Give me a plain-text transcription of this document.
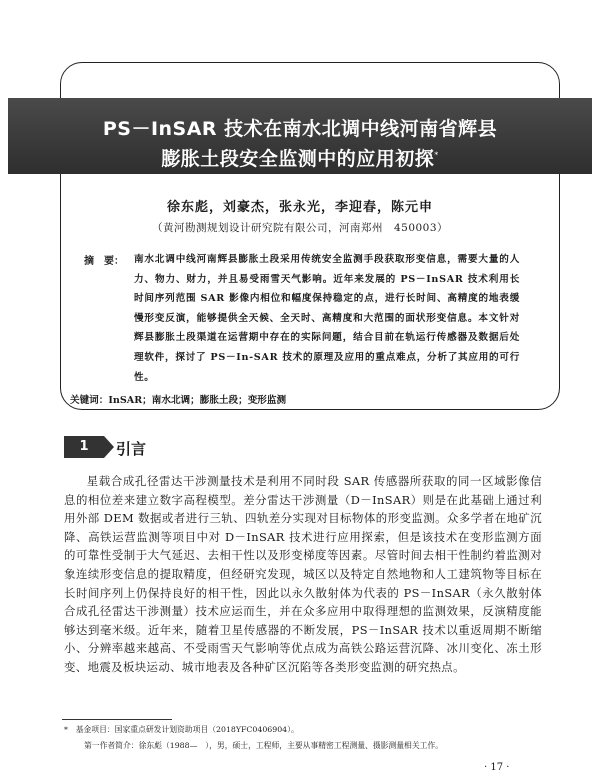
PS－InSAR 技术在南水北调中线河南省辉县
膨胀土段安全监测中的应用初探*
徐东彪，刘豪杰，张永光，李迎春，陈元申
（黄河勘测规划设计研究院有限公司，河南郑州　450003）
摘　要： 南水北调中线河南辉县膨胀土段采用传统安全监测手段获取形变信息，需要大量的人力、物力、财力，并且易受雨雪天气影响。近年来发展的 PS－InSAR 技术利用长时间序列范围 SAR 影像内相位和幅度保持稳定的点，进行长时间、高精度的地表缓慢形变反演，能够提供全天候、全天时、高精度和大范围的面状形变信息。本文针对辉县膨胀土段渠道在运营期中存在的实际问题，结合目前在轨运行传感器及数据后处理软件，探讨了 PS－In-SAR 技术的原理及应用的重点难点，分析了其应用的可行性。
关键词：InSAR；南水北调；膨胀土段；变形监测
1	引言
星载合成孔径雷达干涉测量技术是利用不同时段 SAR 传感器所获取的同一区域影像信息的相位差来建立数字高程模型。差分雷达干涉测量（D－InSAR）则是在此基础上通过利用外部 DEM 数据或者进行三轨、四轨差分实现对目标物体的形变监测。众多学者在地矿沉降、高铁运营监测等项目中对 D－InSAR 技术进行应用探索，但是该技术在变形监测方面的可靠性受制于大气延迟、去相干性以及形变梯度等因素。尽管时间去相干性制约着监测对象连续形变信息的提取精度，但经研究发现，城区以及特定自然地物和人工建筑物等目标在长时间序列上仍保持良好的相干性，因此以永久散射体为代表的 PS－InSAR（永久散射体合成孔径雷达干涉测量）技术应运而生，并在众多应用中取得理想的监测效果，反演精度能够达到毫米级。近年来，随着卫星传感器的不断发展，PS－InSAR 技术以重返周期不断缩小、分辨率越来越高、不受雨雪天气影响等优点成为高铁公路运营沉降、冰川变化、冻土形变、地震及板块运动、城市地表及各种矿区沉陷等各类形变监测的研究热点。
*　基金项目：国家重点研发计划资助项目（2018YFC0406904）。
第一作者简介：徐东彪（1988—　），男，硕士，工程师，主要从事精密工程测量、摄影测量相关工作。
· 17 ·
